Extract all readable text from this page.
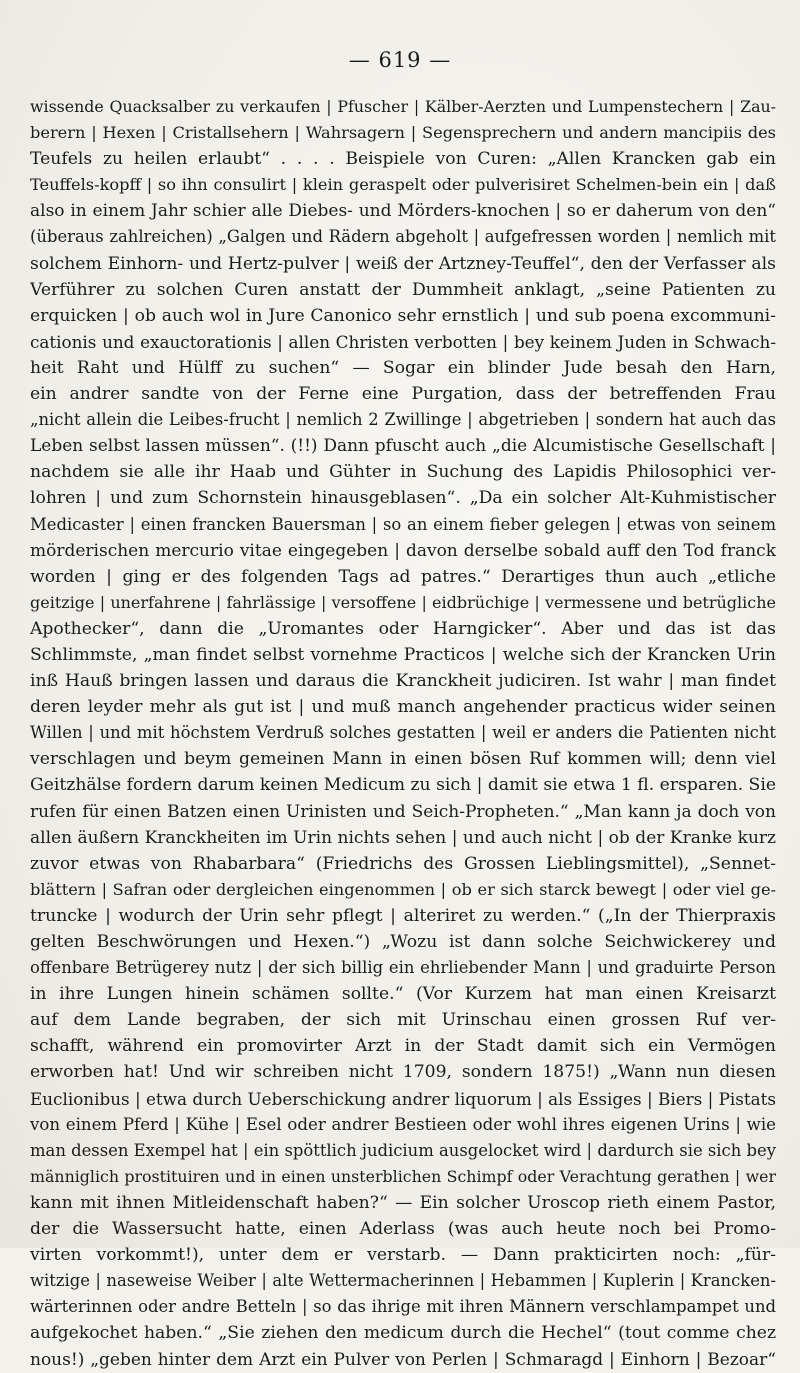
— 619 —
wissende Quacksalber zu verkaufen | Pfuscher | Kälber-Aerzten und Lumpenstechern | Zau-
berern | Hexen | Cristallsehern | Wahrsagern | Segensprechern und andern mancipiis des
Teufels zu heilen erlaubt“ . . . . Beispiele von Curen: „Allen Krancken gab ein
Teuffels-kopff | so ihn consulirt | klein geraspelt oder pulverisiret Schelmen-bein ein | daß
also in einem Jahr schier alle Diebes- und Mörders-knochen | so er daherum von den“
(überaus zahlreichen) „Galgen und Rädern abgeholt | aufgefressen worden | nemlich mit
solchem Einhorn- und Hertz-pulver | weiß der Artzney-Teuffel“, den der Verfasser als
Verführer zu solchen Curen anstatt der Dummheit anklagt, „seine Patienten zu
erquicken | ob auch wol in Jure Canonico sehr ernstlich | und sub poena excommuni-
cationis und exauctorationis | allen Christen verbotten | bey keinem Juden in Schwach-
heit Raht und Hülff zu suchen“ — Sogar ein blinder Jude besah den Harn,
ein andrer sandte von der Ferne eine Purgation, dass der betreffenden Frau
„nicht allein die Leibes-frucht | nemlich 2 Zwillinge | abgetrieben | sondern hat auch das
Leben selbst lassen müssen“. (!!) Dann pfuscht auch „die Alcumistische Gesellschaft |
nachdem sie alle ihr Haab und Gühter in Suchung des Lapidis Philosophici ver-
lohren | und zum Schornstein hinausgeblasen“. „Da ein solcher Alt-Kuhmistischer
Medicaster | einen francken Bauersman | so an einem fieber gelegen | etwas von seinem
mörderischen mercurio vitae eingegeben | davon derselbe sobald auff den Tod franck
worden | ging er des folgenden Tags ad patres.“ Derartiges thun auch „etliche
geitzige | unerfahrene | fahrlässige | versoffene | eidbrüchige | vermessene und betrügliche
Apothecker“, dann die „Uromantes oder Harngicker“. Aber und das ist das
Schlimmste, „man findet selbst vornehme Practicos | welche sich der Krancken Urin
inß Hauß bringen lassen und daraus die Kranckheit judiciren. Ist wahr | man findet
deren leyder mehr als gut ist | und muß manch angehender practicus wider seinen
Willen | und mit höchstem Verdruß solches gestatten | weil er anders die Patienten nicht
verschlagen und beym gemeinen Mann in einen bösen Ruf kommen will; denn viel
Geitzhälse fordern darum keinen Medicum zu sich | damit sie etwa 1 fl. ersparen. Sie
rufen für einen Batzen einen Urinisten und Seich-Propheten.“ „Man kann ja doch von
allen äußern Kranckheiten im Urin nichts sehen | und auch nicht | ob der Kranke kurz
zuvor etwas von Rhabarbara“ (Friedrichs des Grossen Lieblingsmittel), „Sennet-
blättern | Safran oder dergleichen eingenommen | ob er sich starck bewegt | oder viel ge-
truncke | wodurch der Urin sehr pflegt | alteriret zu werden.“ („In der Thierpraxis
gelten Beschwörungen und Hexen.“) „Wozu ist dann solche Seichwickerey und
offenbare Betrügerey nutz | der sich billig ein ehrliebender Mann | und graduirte Person
in ihre Lungen hinein schämen sollte.“ (Vor Kurzem hat man einen Kreisarzt
auf dem Lande begraben, der sich mit Urinschau einen grossen Ruf ver-
schafft, während ein promovirter Arzt in der Stadt damit sich ein Vermögen
erworben hat! Und wir schreiben nicht 1709, sondern 1875!) „Wann nun diesen
Euclionibus | etwa durch Ueberschickung andrer liquorum | als Essiges | Biers | Pistats
von einem Pferd | Kühe | Esel oder andrer Bestieen oder wohl ihres eigenen Urins | wie
man dessen Exempel hat | ein spöttlich judicium ausgelocket wird | dardurch sie sich bey
männiglich prostituiren und in einen unsterblichen Schimpf oder Verachtung gerathen | wer
kann mit ihnen Mitleidenschaft haben?“ — Ein solcher Uroscop rieth einem Pastor,
der die Wassersucht hatte, einen Aderlass (was auch heute noch bei Promo-
virten vorkommt!), unter dem er verstarb. — Dann prakticirten noch: „für-
witzige | naseweise Weiber | alte Wettermacherinnen | Hebammen | Kuplerin | Krancken-
wärterinnen oder andre Betteln | so das ihrige mit ihren Männern verschlampampet und
aufgekochet haben.“ „Sie ziehen den medicum durch die Hechel“ (tout comme chez
nous!) „geben hinter dem Arzt ein Pulver von Perlen | Schmaragd | Einhorn | Bezoar“
